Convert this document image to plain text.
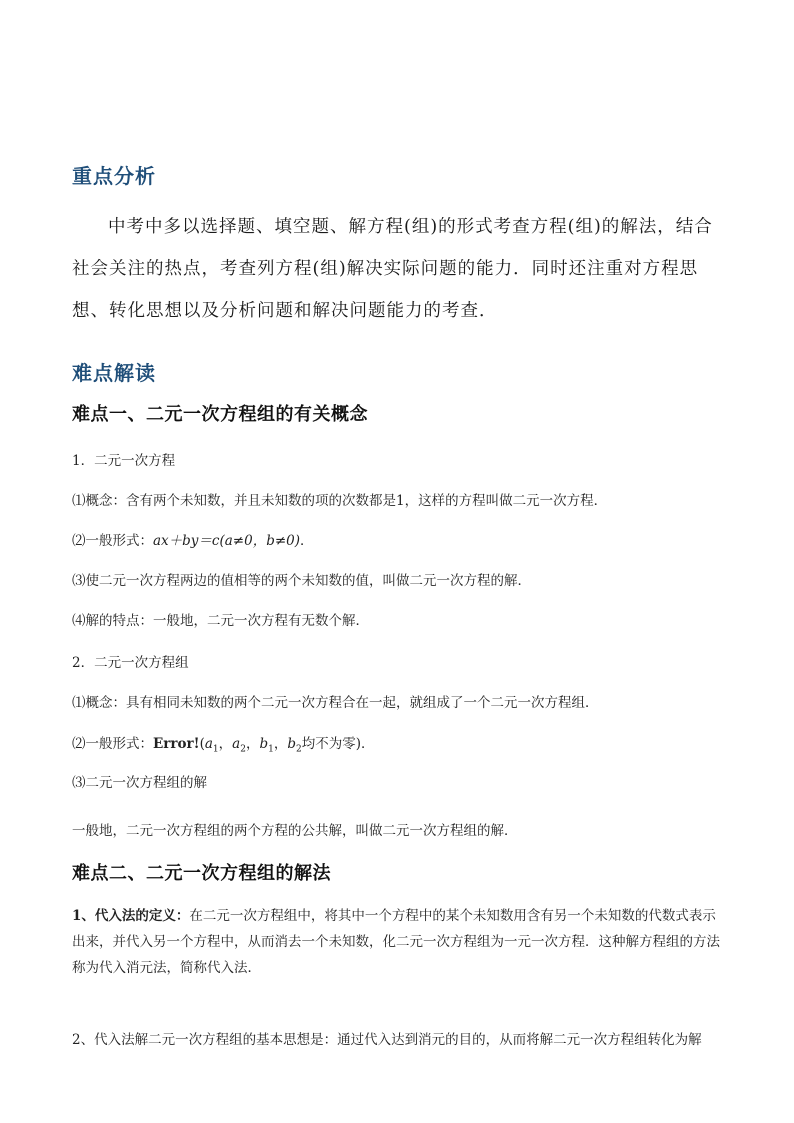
重点分析

中考中多以选择题、填空题、解方程(组)的形式考查方程(组)的解法，结合社会关注的热点，考查列方程(组)解决实际问题的能力．同时还注重对方程思想、转化思想以及分析问题和解决问题能力的考查．

难点解读
难点一、二元一次方程组的有关概念
1．二元一次方程
⑴概念：含有两个未知数，并且未知数的项的次数都是1，这样的方程叫做二元一次方程．
⑵一般形式：ax＋by＝c(a≠0，b≠0)．
⑶使二元一次方程两边的值相等的两个未知数的值，叫做二元一次方程的解．
⑷解的特点：一般地，二元一次方程有无数个解．
2．二元一次方程组
⑴概念：具有相同未知数的两个二元一次方程合在一起，就组成了一个二元一次方程组．
⑵一般形式：$Error!(a_1$，$a_2$，$b_1$，$b_2$均不为零)．
⑶二元一次方程组的解
一般地，二元一次方程组的两个方程的公共解，叫做二元一次方程组的解．
难点二、二元一次方程组的解法

1、代入法的定义：在二元一次方程组中，将其中一个方程中的某个未知数用含有另一个未知数的代数式表示出来，并代入另一个方程中，从而消去一个未知数，化二元一次方程组为一元一次方程．这种解方程组的方法称为代入消元法，简称代入法．

2、代入法解二元一次方程组的基本思想是：通过代入达到消元的目的，从而将解二元一次方程组转化为解
